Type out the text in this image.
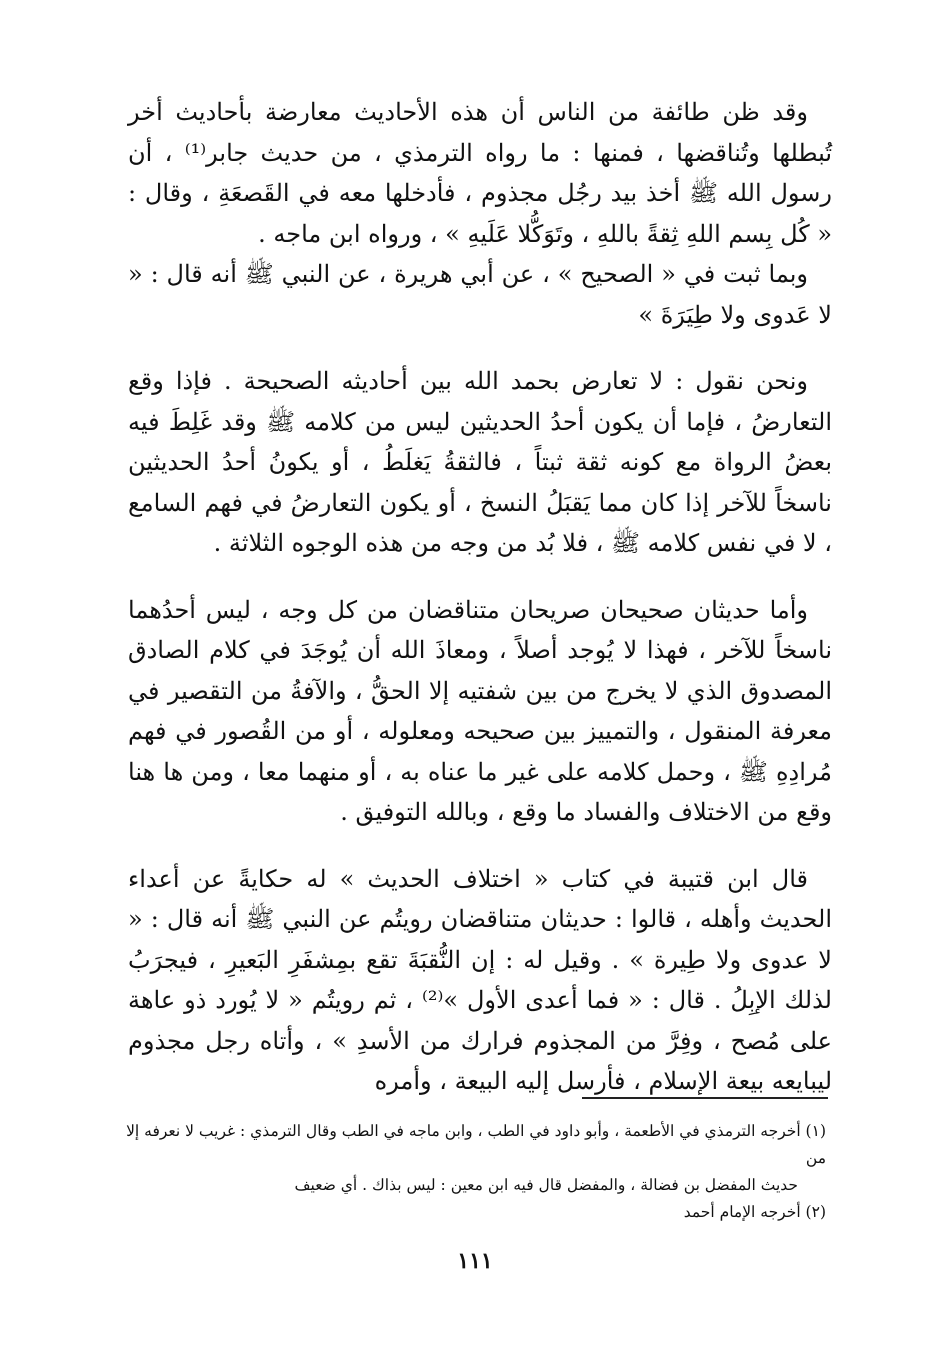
وقد ظن طائفة من الناس أن هذه الأحاديث معارضة بأحاديث أخر تُبطلها وتُناقضها ، فمنها : ما رواه الترمذي ، من حديث جابر⁽¹⁾ ، أن رسول الله ﷺ أخذ بيد رجُل مجذوم ، فأدخلها معه في القَصعَةِ ، وقال : « كُل بِسم اللهِ ثِقةً باللهِ ، وتَوَكُّلا عَلَيهِ » ، ورواه ابن ماجه .

وبما ثبت في « الصحيح » ، عن أبي هريرة ، عن النبي ﷺ أنه قال : « لا عَدوى ولا طِيَرَةَ »

ونحن نقول : لا تعارض بحمد الله بين أحاديثه الصحيحة . فإذا وقع التعارضُ ، فإما أن يكون أحدُ الحديثين ليس من كلامه ﷺ وقد غَلِطَ فيه بعضُ الرواة مع كونه ثقة ثبتاً ، فالثقةُ يَغلَطُ ، أو يكونُ أحدُ الحديثين ناسخاً للآخر إذا كان مما يَقبَلُ النسخ ، أو يكون التعارضُ في فهم السامع ، لا في نفس كلامه ﷺ ، فلا بُد من وجه من هذه الوجوه الثلاثة .

وأما حديثان صحيحان صريحان متناقضان من كل وجه ، ليس أحدُهما ناسخاً للآخر ، فهذا لا يُوجد أصلاً ، ومعاذَ الله أن يُوجَدَ في كلام الصادق المصدوق الذي لا يخرج من بين شفتيه إلا الحقُّ ، والآفةُ من التقصير في معرفة المنقول ، والتمييز بين صحيحه ومعلوله ، أو من القُصور في فهم مُرادِهِ ﷺ ، وحمل كلامه على غير ما عناه به ، أو منهما معا ، ومن ها هنا وقع من الاختلاف والفساد ما وقع ، وبالله التوفيق .

قال ابن قتيبة في كتاب « اختلاف الحديث » له حكايةً عن أعداء الحديث وأهله ، قالوا : حديثان متناقضان رويتُم عن النبي ﷺ أنه قال : « لا عدوى ولا طِيرة » . وقيل له : إن النُّقبَةَ تقع بمِشفَرِ البَعيرِ ، فيجرَبُ لذلك الإبِلُ . قال : « فما أعدى الأول »⁽²⁾ ، ثم رويتُم « لا يُورد ذو عاهة على مُصح ، وفِرَّ من المجذوم فرارك من الأسدِ » ، وأتاه رجل مجذوم ليبايعه بيعة الإسلام ، فأرسل إليه البيعة ، وأمره

(١) أخرجه الترمذي في الأطعمة ، وأبو داود في الطب ، وابن ماجه في الطب وقال الترمذي : غريب لا نعرفه إلا من
حديث المفضل بن فضالة ، والمفضل قال فيه ابن معين : ليس بذاك . أي ضعيف

(٢) أخرجه الإمام أحمد

١١١
